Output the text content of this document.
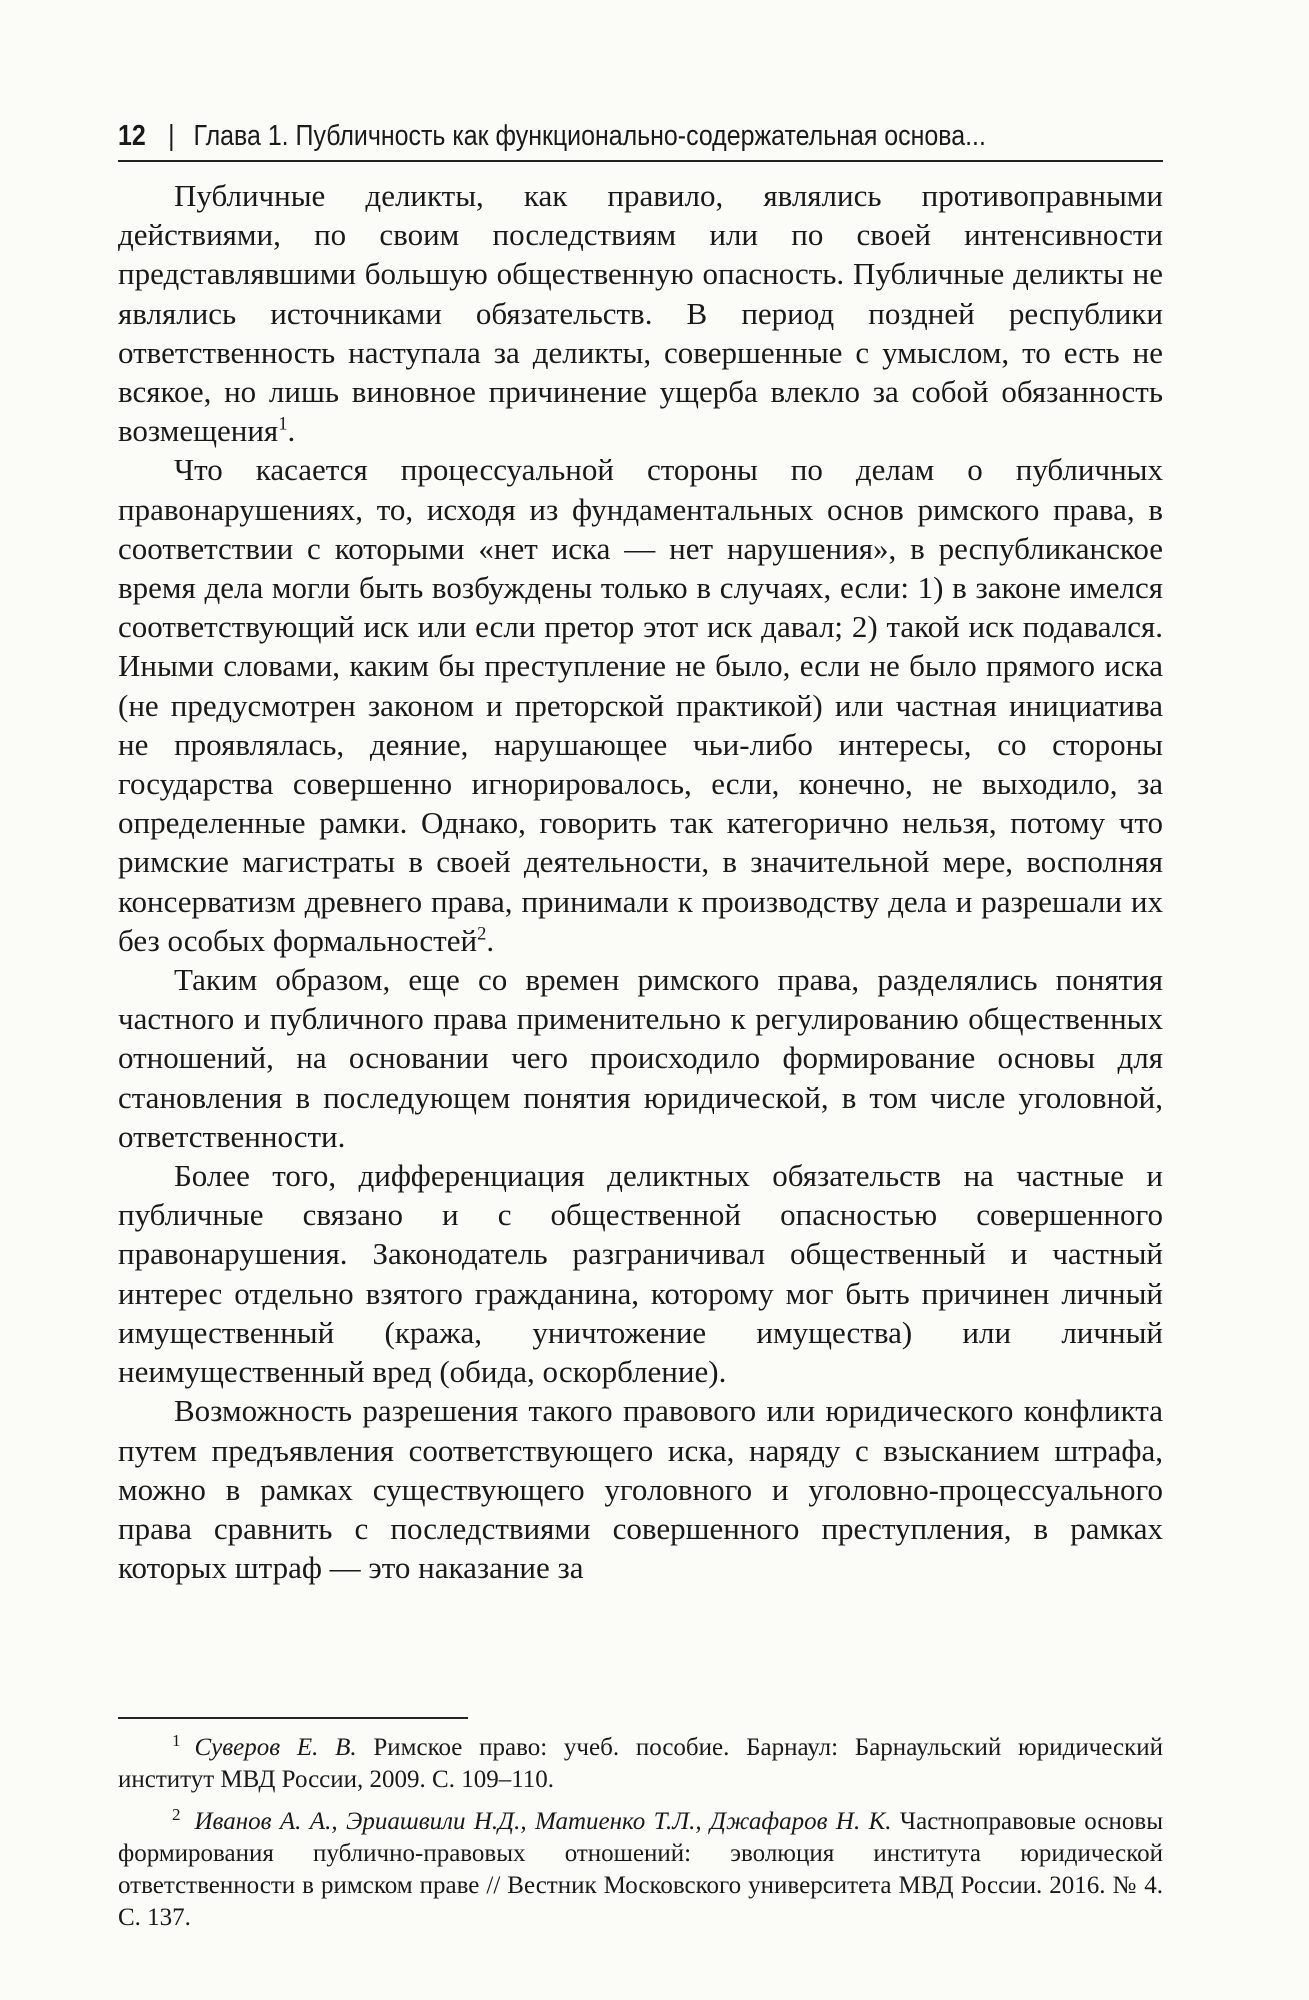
12 | Глава 1. Публичность как функционально-содержательная основа...

Публичные деликты, как правило, являлись противоправными действиями, по своим последствиям или по своей интенсивности представлявшими большую общественную опасность. Публичные деликты не являлись источниками обязательств. В период поздней республики ответственность наступала за деликты, совершенные с умыслом, то есть не всякое, но лишь виновное причинение ущерба влекло за собой обязанность возмещения$^1$.

Что касается процессуальной стороны по делам о публичных правонарушениях, то, исходя из фундаментальных основ римского права, в соответствии с которыми «нет иска — нет нарушения», в республиканское время дела могли быть возбуждены только в случаях, если: 1) в законе имелся соответствующий иск или если претор этот иск давал; 2) такой иск подавался. Иными словами, каким бы преступление не было, если не было прямого иска (не предусмотрен законом и преторской практикой) или частная инициатива не проявлялась, деяние, нарушающее чьи-либо интересы, со стороны государства совершенно игнорировалось, если, конечно, не выходило, за определенные рамки. Однако, говорить так категорично нельзя, потому что римские магистраты в своей деятельности, в значительной мере, восполняя консерватизм древнего права, принимали к производству дела и разрешали их без особых формальностей$^2$.

Таким образом, еще со времен римского права, разделялись понятия частного и публичного права применительно к регулированию общественных отношений, на основании чего происходило формирование основы для становления в последующем понятия юридической, в том числе уголовной, ответственности.

Более того, дифференциация деликтных обязательств на частные и публичные связано и с общественной опасностью совершенного правонарушения. Законодатель разграничивал общественный и частный интерес отдельно взятого гражданина, которому мог быть причинен личный имущественный (кража, уничтожение имущества) или личный неимущественный вред (обида, оскорбление).

Возможность разрешения такого правового или юридического конфликта путем предъявления соответствующего иска, наряду с взысканием штрафа, можно в рамках существующего уголовного и уголовно-процессуального права сравнить с последствиями совершенного преступления, в рамках которых штраф — это наказание за

$^1$ Суверов Е. В. Римское право: учеб. пособие. Барнаул: Барнаульский юридический институт МВД России, 2009. С. 109–110.

$^2$ Иванов А. А., Эриашвили Н.Д., Матиенко Т.Л., Джафаров Н. К. Частноправовые основы формирования публично-правовых отношений: эволюция института юридической ответственности в римском праве // Вестник Московского университета МВД России. 2016. № 4. С. 137.
